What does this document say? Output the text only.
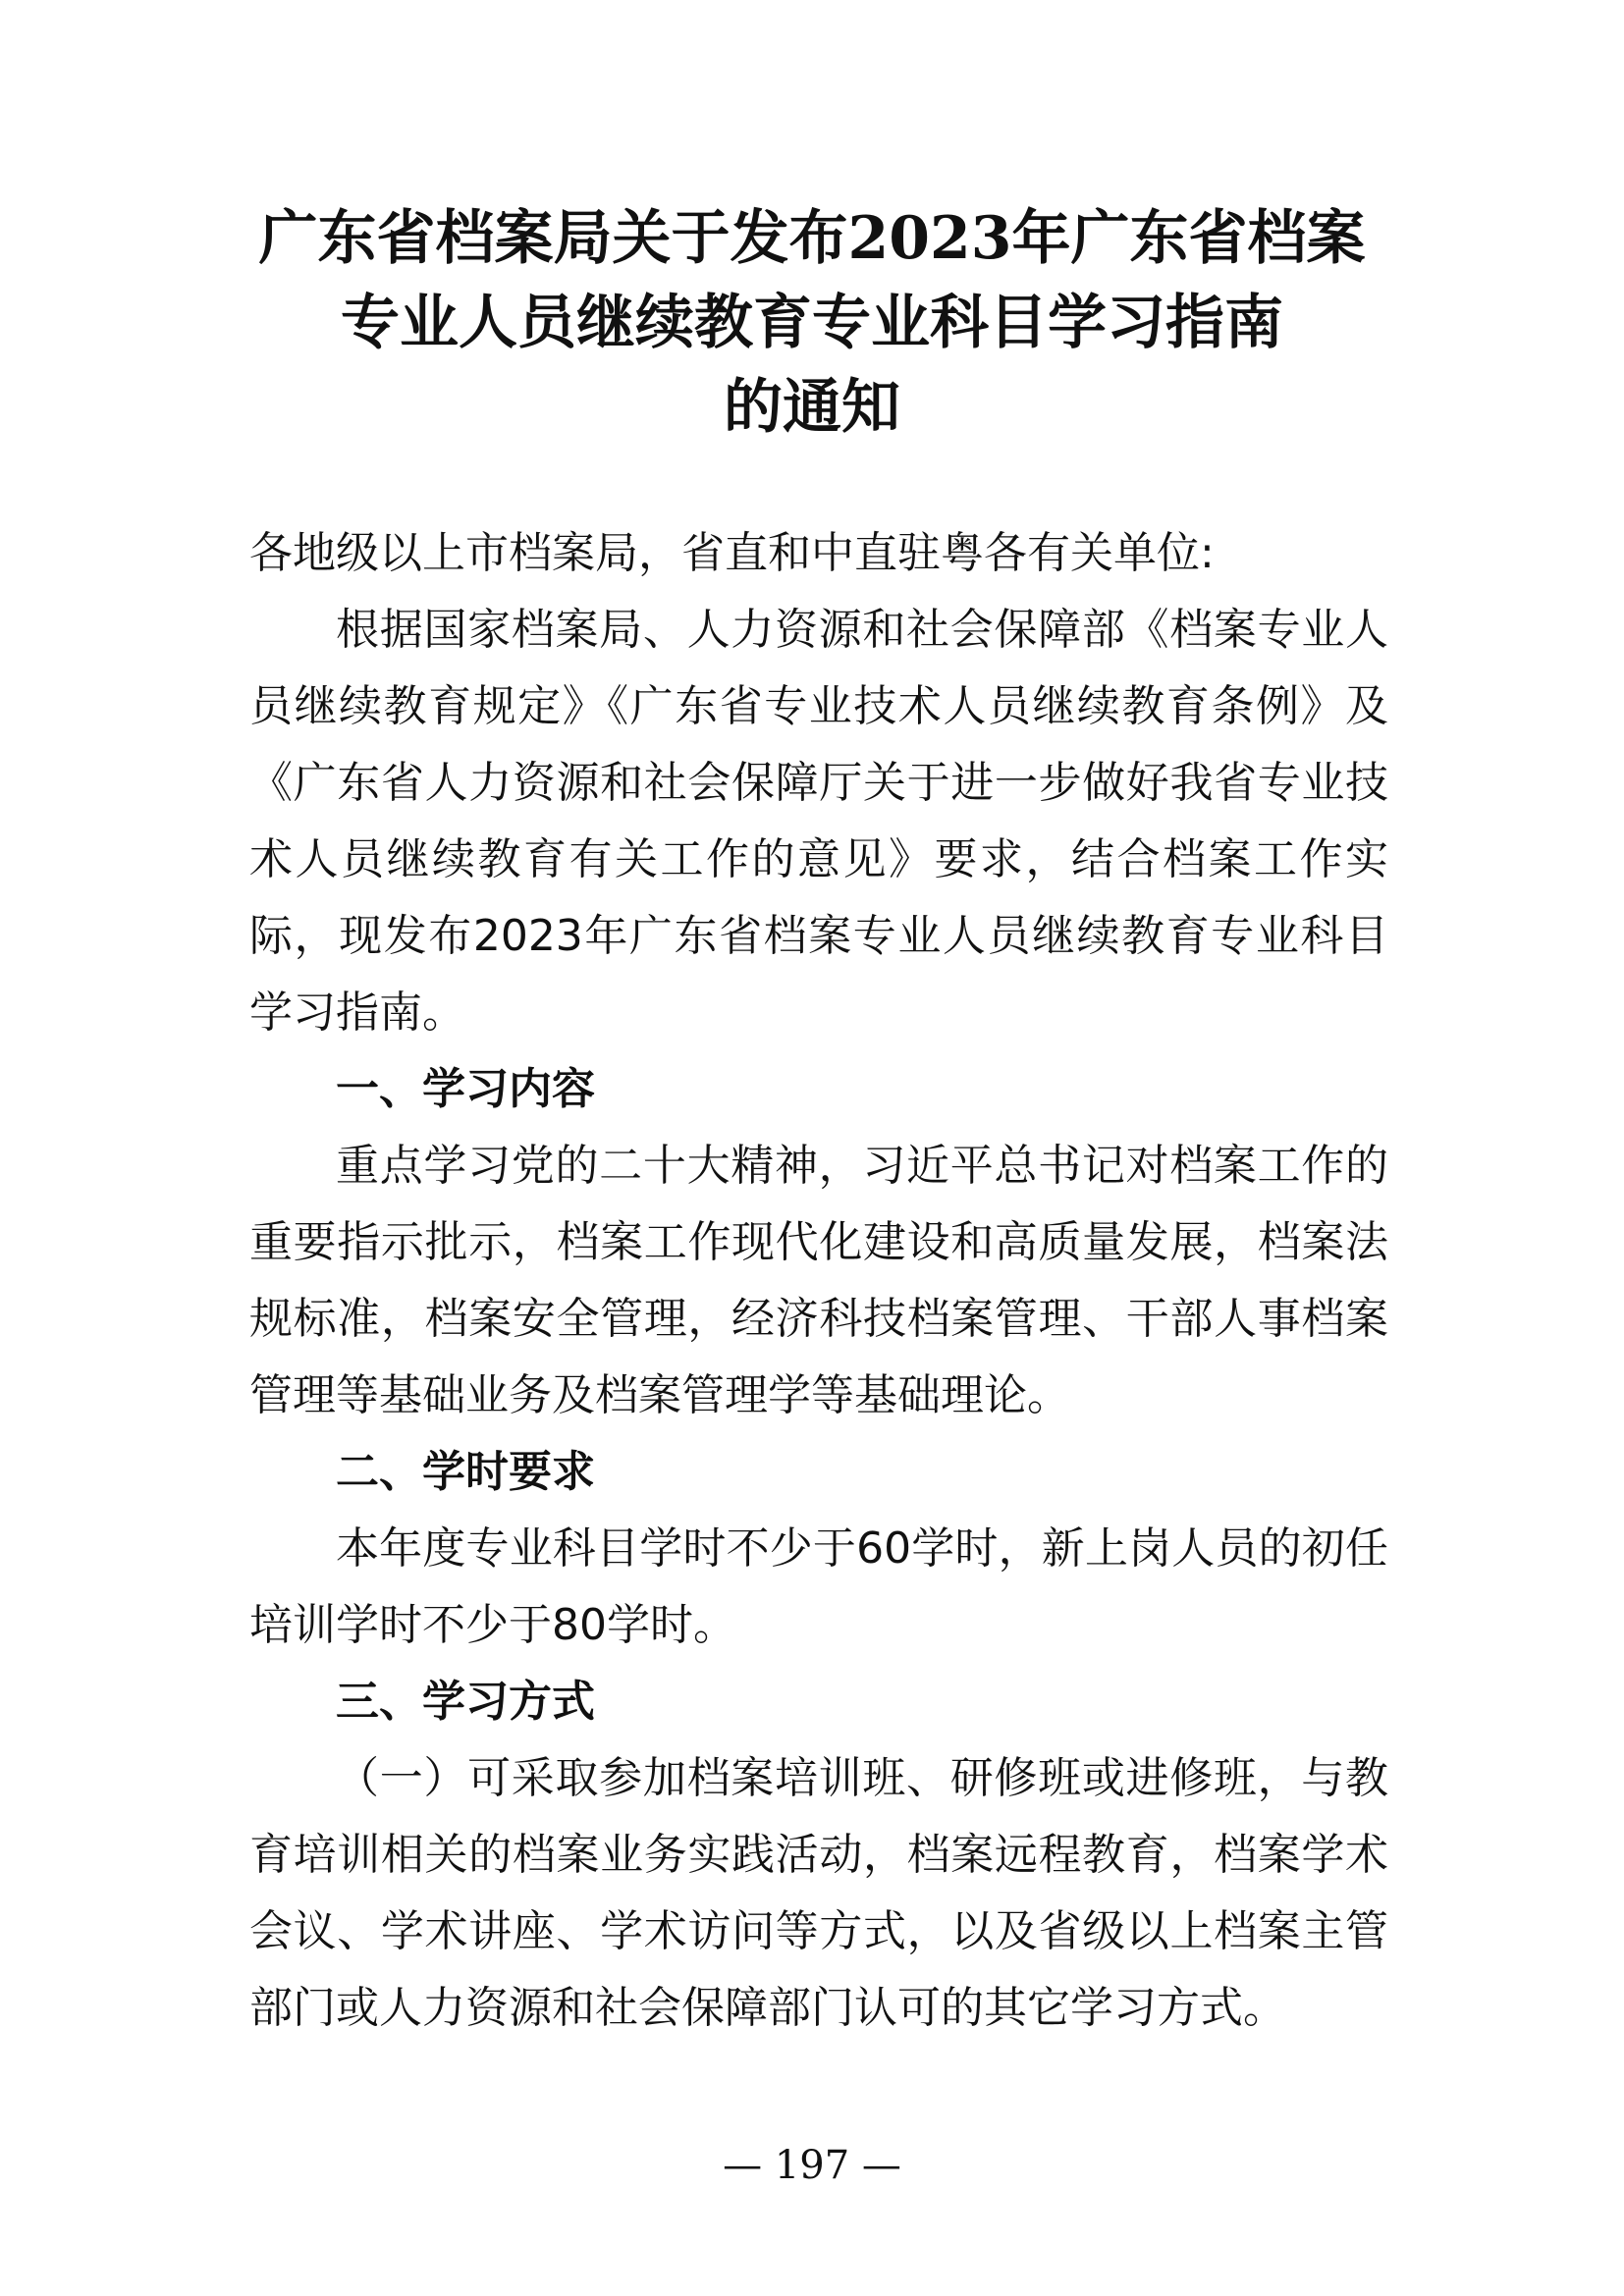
广东省档案局关于发布2023年广东省档案
专业人员继续教育专业科目学习指南
的通知

各地级以上市档案局，省直和中直驻粤各有关单位:

根据国家档案局、人力资源和社会保障部《档案专业人员继续教育规定》《广东省专业技术人员继续教育条例》及《广东省人力资源和社会保障厅关于进一步做好我省专业技术人员继续教育有关工作的意见》要求，结合档案工作实际，现发布2023年广东省档案专业人员继续教育专业科目学习指南。

一、学习内容

重点学习党的二十大精神，习近平总书记对档案工作的重要指示批示，档案工作现代化建设和高质量发展，档案法规标准，档案安全管理，经济科技档案管理、干部人事档案管理等基础业务及档案管理学等基础理论。

二、学时要求

本年度专业科目学时不少于60学时，新上岗人员的初任培训学时不少于80学时。

三、学习方式

（一）可采取参加档案培训班、研修班或进修班，与教育培训相关的档案业务实践活动，档案远程教育，档案学术会议、学术讲座、学术访问等方式，以及省级以上档案主管部门或人力资源和社会保障部门认可的其它学习方式。

— 197 —
